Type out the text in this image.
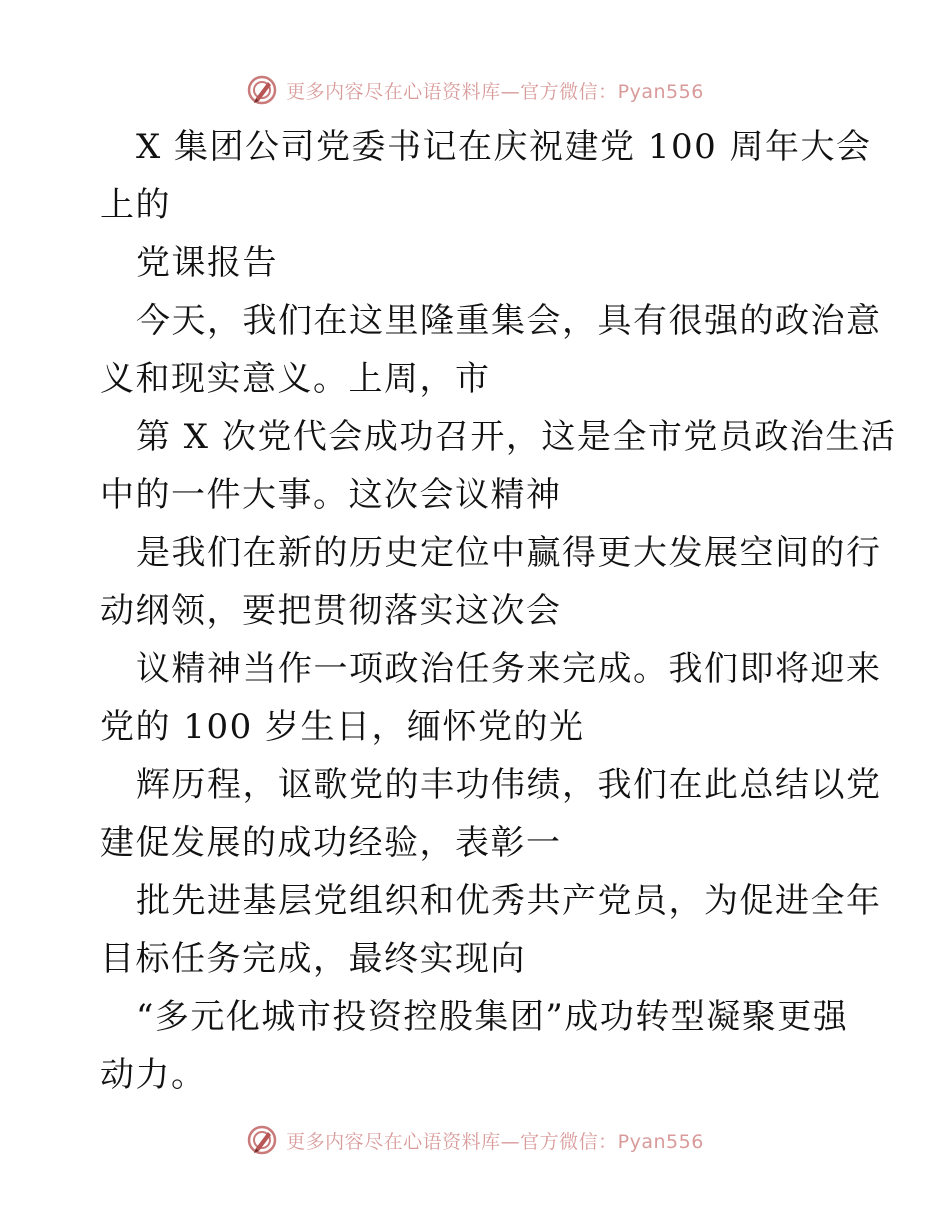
更多内容尽在心语资料库—官方微信：Pyan556

X 集团公司党委书记在庆祝建党 100 周年大会

上的

党课报告

今天，我们在这里隆重集会，具有很强的政治意

义和现实意义。上周，市

第 X 次党代会成功召开，这是全市党员政治生活

中的一件大事。这次会议精神

是我们在新的历史定位中赢得更大发展空间的行

动纲领，要把贯彻落实这次会

议精神当作一项政治任务来完成。我们即将迎来

党的 100 岁生日，缅怀党的光

辉历程，讴歌党的丰功伟绩，我们在此总结以党

建促发展的成功经验，表彰一

批先进基层党组织和优秀共产党员，为促进全年

目标任务完成，最终实现向

“多元化城市投资控股集团”成功转型凝聚更强

动力。

更多内容尽在心语资料库—官方微信：Pyan556
